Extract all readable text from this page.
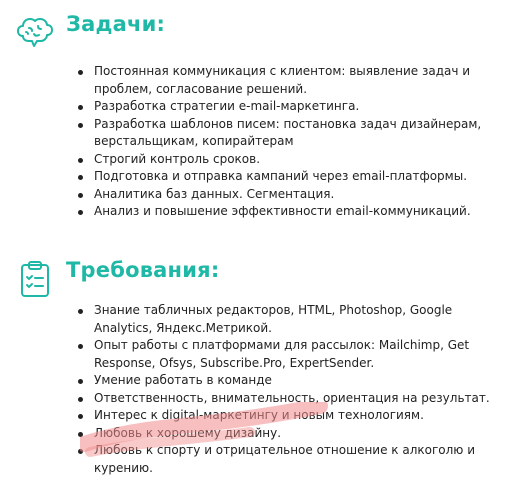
Задачи:
Постоянная коммуникация с клиентом: выявление задач и проблем, согласование решений.
Разработка стратегии e-mail-маркетинга.
Разработка шаблонов писем: постановка задач дизайнерам, верстальщикам, копирайтерам
Строгий контроль сроков.
Подготовка и отправка кампаний через email-платформы.
Аналитика баз данных. Сегментация.
Анализ и повышение эффективности email-коммуникаций.
Требования:
Знание табличных редакторов, HTML, Photoshop, Google Analytics, Яндекс.Метрикой.
Опыт работы с платформами для рассылок: Mailchimp, Get Response, Ofsys, Subscribe.Pro, ExpertSender.
Умение работать в команде
Ответственность, внимательность, ориентация на результат.
Интерес к digital-маркетингу и новым технологиям.
Любовь к хорошему дизайну.
Любовь к спорту и отрицательное отношение к алкоголю и курению.
